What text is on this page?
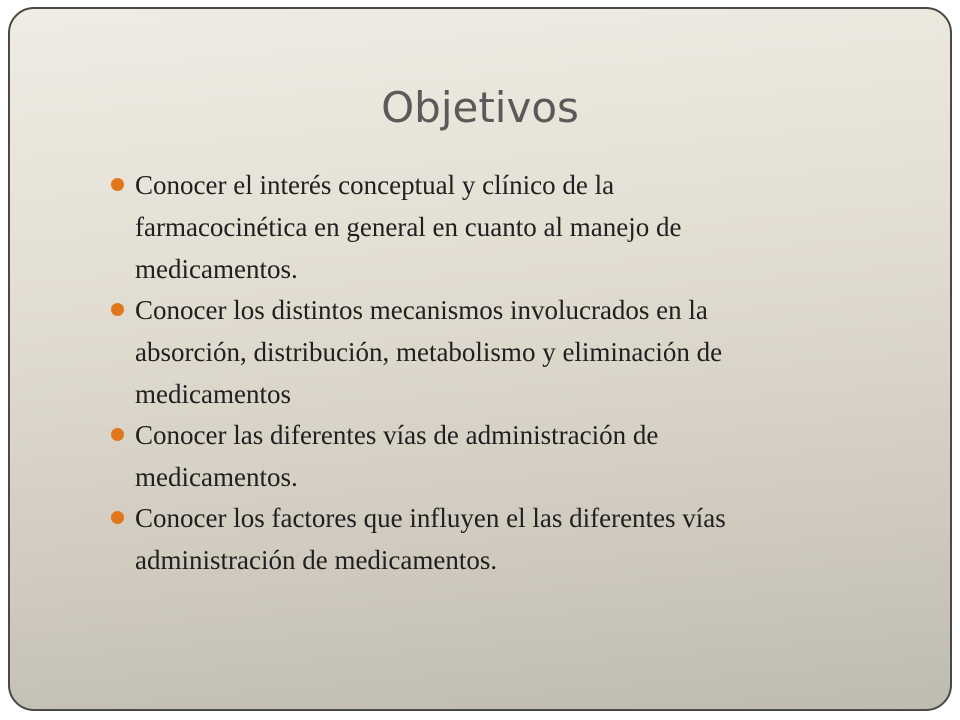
Objetivos
Conocer el interés conceptual y clínico de la
farmacocinética en general en cuanto al manejo de
medicamentos.
Conocer los distintos mecanismos involucrados en la
absorción, distribución, metabolismo y eliminación de
medicamentos
Conocer las diferentes vías de administración de
medicamentos.
Conocer los factores que influyen el las diferentes vías
administración de medicamentos.
